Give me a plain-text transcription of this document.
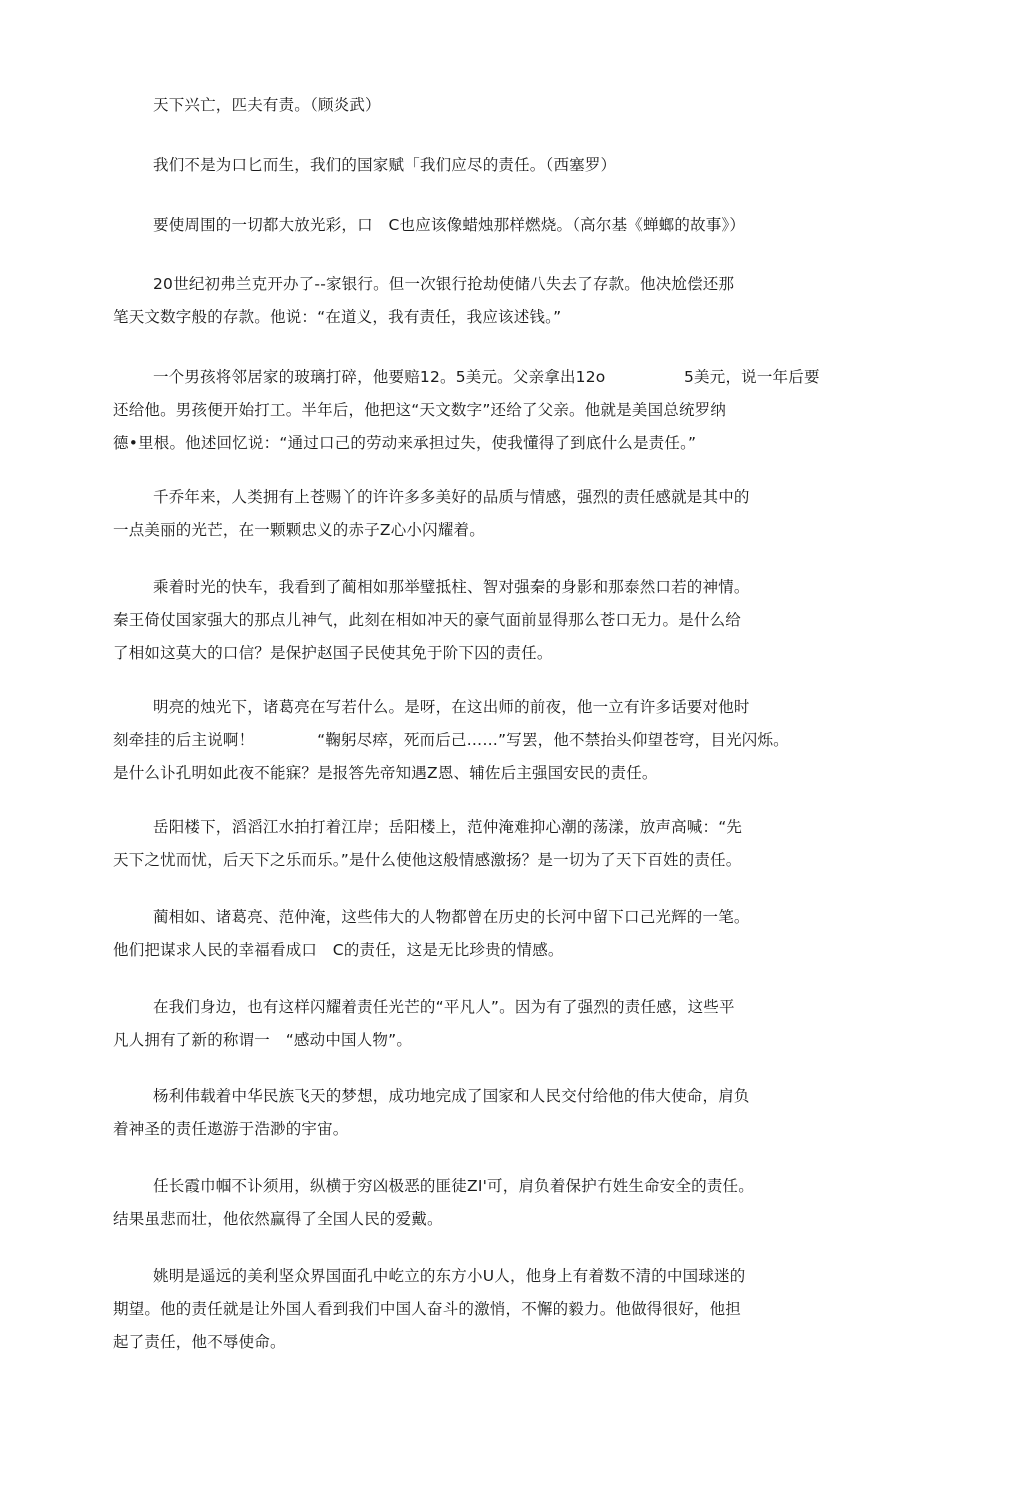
天下兴亡，匹夫有责。（顾炎武）

我们不是为口匕而生，我们的国家赋「我们应尽的责任。（西塞罗）

要使周围的一切都大放光彩，口　C也应该像蜡烛那样燃烧。（高尔基《蝉螂的故事》）

20世纪初弗兰克开办了--家银行。但一次银行抢劫使储八失去了存款。他决尬偿还那
笔天文数字般的存款。他说：“在道义，我有责任，我应该述钱。”

一个男孩将邻居家的玻璃打碎，他要赔12。5美元。父亲拿出12o　　　　　5美元，说一年后要
还给他。男孩便开始打工。半年后，他把这“天文数字”还给了父亲。他就是美国总统罗纳
德•里根。他述回忆说：“通过口己的劳动来承担过失，使我懂得了到底什么是责任。”

千乔年来，人类拥有上苍赐丫的许许多多美好的品质与情感，强烈的责任感就是其中的
一点美丽的光芒，在一颗颗忠义的赤子Z心小闪耀着。

乘着时光的快车，我看到了蔺相如那举璧抵柱、智对强秦的身影和那泰然口若的神情。
秦王倚仗国家强大的那点儿神气，此刻在相如冲天的豪气面前显得那么苍口无力。是什么给
了相如这莫大的口信？是保护赵国子民使其免于阶下囚的责任。

明亮的烛光下，诸葛亮在写若什么。是呀，在这出师的前夜，他一立有许多话要对他时
刻牵挂的后主说啊！　　　　“鞠躬尽瘁，死而后己……”写罢，他不禁抬头仰望苍穹，目光闪烁。
是什么讣孔明如此夜不能寐？是报答先帝知遇Z恩、辅佐后主强国安民的责任。

岳阳楼下，滔滔江水拍打着江岸；岳阳楼上，范仲淹难抑心潮的荡漾，放声高喊：“先
天下之忧而忧，后天下之乐而乐。”是什么使他这般情感激扬？是一切为了天下百姓的责任。

蔺相如、诸葛亮、范仲淹，这些伟大的人物都曾在历史的长河中留下口己光辉的一笔。
他们把谋求人民的幸福看成口　C的责任，这是无比珍贵的情感。

在我们身边，也有这样闪耀着责任光芒的“平凡人”。因为有了强烈的责任感，这些平
凡人拥有了新的称谓一　“感动中国人物”。

杨利伟载着中华民族飞天的梦想，成功地完成了国家和人民交付给他的伟大使命，肩负
着神圣的责任遨游于浩渺的宇宙。

任长霞巾帼不讣须用，纵横于穷凶极恶的匪徒ZI'可，肩负着保护冇姓生命安全的责任。
结果虽悲而壮，他依然赢得了全国人民的爱戴。

姚明是遥远的美利坚众界国面孔中屹立的东方小U人，他身上有着数不清的中国球迷的
期望。他的责任就是让外国人看到我们中国人奋斗的激悄，不懈的毅力。他做得很好，他担
起了责任，他不辱使命。
